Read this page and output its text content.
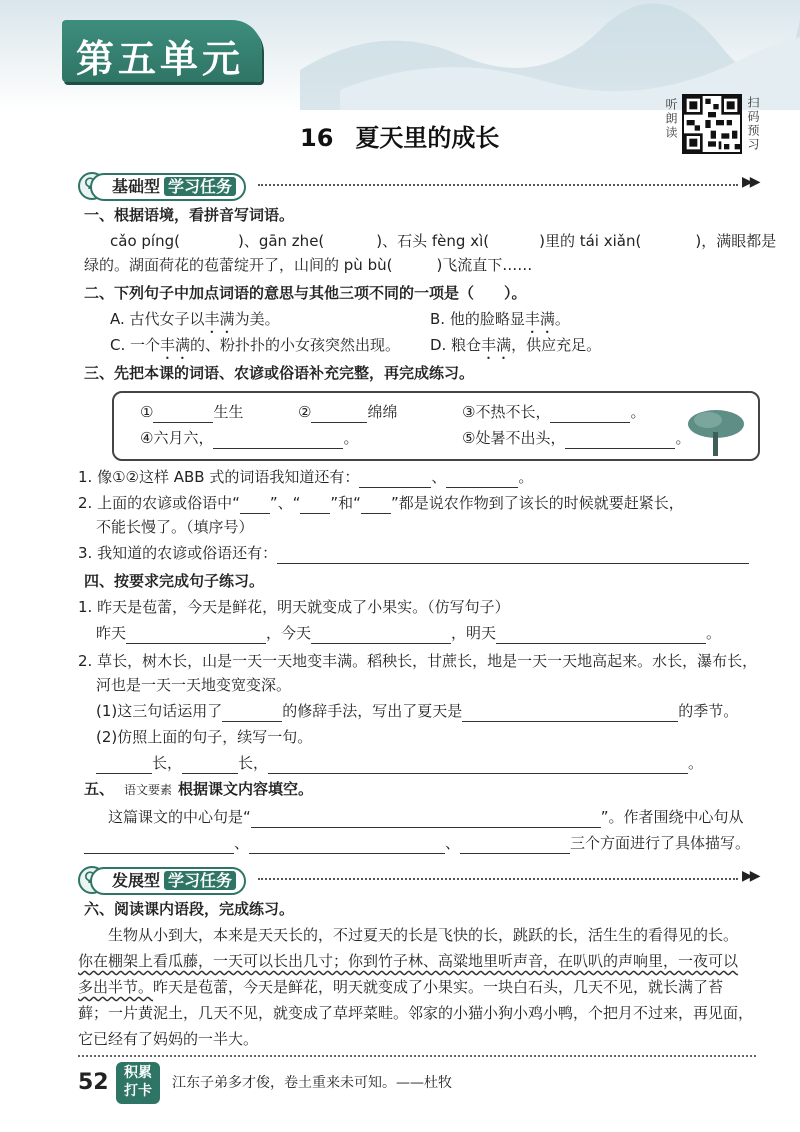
第五单元
16 夏天里的成长	听朗读	扫码预习
基础型 学习任务	▶▶
一、根据语境，看拼音写词语。
cǎo píng(	)、gān zhe(	)、石头 fèng xì(	)里的 tái xiǎn(	)，满眼都是
绿的。湖面荷花的苞蕾绽开了，山间的 pù bù(	)飞流直下……
二、下列句子中加点词语的意思与其他三项不同的一项是（　　）。
A. 古代女子以丰满为美。	B. 他的脸略显丰满。
C. 一个丰满的、粉扑扑的小女孩突然出现。 D. 粮仓丰满，供应充足。
三、先把本课的词语、农谚或俗语补充完整，再完成练习。
①	生生	②	绵绵	③不热不长，	。
④六月六，	。	⑤处暑不出头，	。
1. 像①②这样 ABB 式的词语我知道还有：	、	。
2. 上面的农谚或俗语中“ ”、“ ”和“ ”都是说农作物到了该长的时候就要赶紧长，
不能长慢了。（填序号）
3. 我知道的农谚或俗语还有：
四、按要求完成句子练习。
1. 昨天是苞蕾，今天是鲜花，明天就变成了小果实。（仿写句子）
昨天	，今天	，明天	。
2. 草长，树木长，山是一天一天地变丰满。稻秧长，甘蔗长，地是一天一天地高起来。水长，瀑布长，
河也是一天一天地变宽变深。
(1)这三句话运用了	的修辞手法，写出了夏天是	的季节。
(2)仿照上面的句子，续写一句。
长，	长，	。
五、 语文要素 根据课文内容填空。
这篇课文的中心句是“	”。作者围绕中心句从
、	、	三个方面进行了具体描写。
发展型 学习任务	▶▶
六、阅读课内语段，完成练习。
生物从小到大，本来是天天长的，不过夏天的长是飞快的长，跳跃的长，活生生的看得见的长。
你在棚架上看瓜藤，一天可以长出几寸；你到竹子林、高粱地里听声音，在叭叭的声响里，一夜可以
多出半节。昨天是苞蕾，今天是鲜花，明天就变成了小果实。一块白石头，几天不见，就长满了苔
藓；一片黄泥土，几天不见，就变成了草坪菜畦。邻家的小猫小狗小鸡小鸭，个把月不过来，再见面，
它已经有了妈妈的一半大。
52	积累
打卡	江东子弟多才俊，卷土重来未可知。——杜牧
